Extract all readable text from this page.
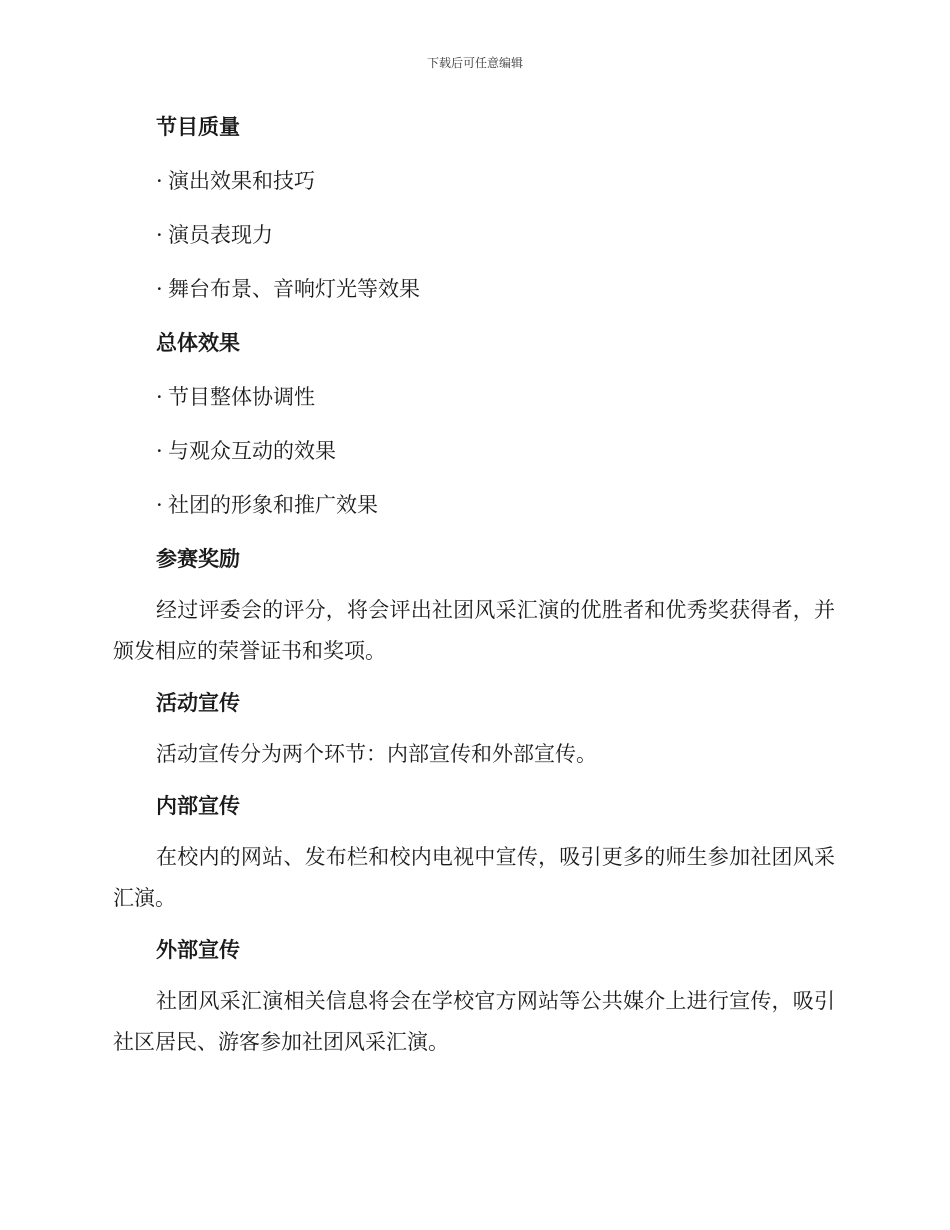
下载后可任意编辑
节目质量
· 演出效果和技巧
· 演员表现力
· 舞台布景、音响灯光等效果
总体效果
· 节目整体协调性
· 与观众互动的效果
· 社团的形象和推广效果
参赛奖励

经过评委会的评分，将会评出社团风采汇演的优胜者和优秀奖获得者，并颁发相应的荣誉证书和奖项。

活动宣传

活动宣传分为两个环节：内部宣传和外部宣传。

内部宣传

在校内的网站、发布栏和校内电视中宣传，吸引更多的师生参加社团风采汇演。

外部宣传

社团风采汇演相关信息将会在学校官方网站等公共媒介上进行宣传，吸引社区居民、游客参加社团风采汇演。
